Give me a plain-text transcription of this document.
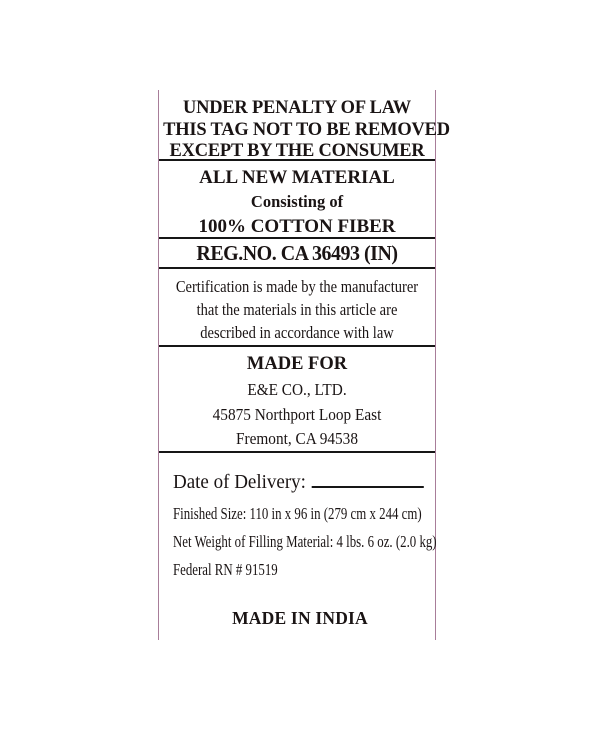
UNDER PENALTY OF LAW
THIS TAG NOT TO BE REMOVED
EXCEPT BY THE CONSUMER
ALL NEW MATERIAL
Consisting of
100% COTTON FIBER
REG.NO. CA 36493 (IN)
Certification is made by the manufacturer
that the materials in this article are
described in accordance with law
MADE FOR
E&E CO., LTD.
45875 Northport Loop East
Fremont, CA 94538
Date of Delivery:
Finished Size: 110 in x 96 in (279 cm x 244 cm)
Net Weight of Filling Material: 4 lbs. 6 oz. (2.0 kg)
Federal RN # 91519
MADE IN INDIA
